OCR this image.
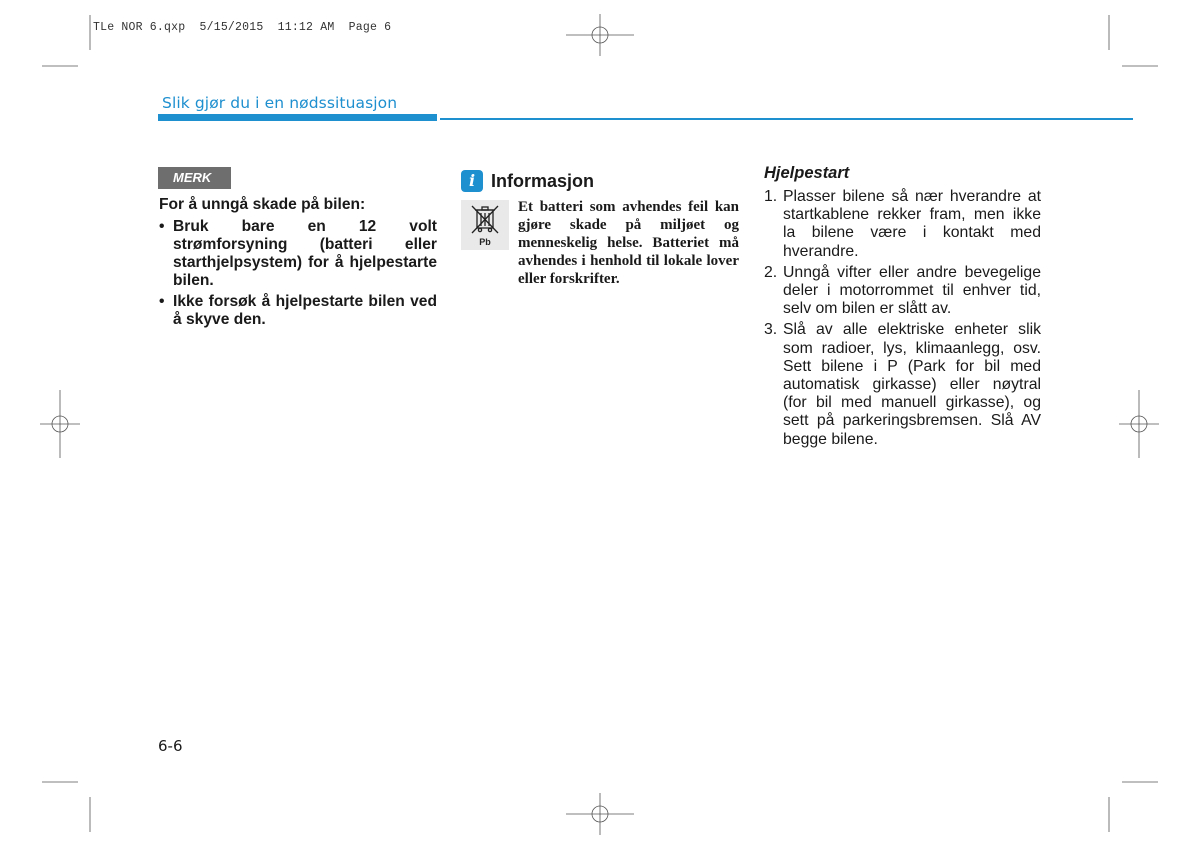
TLe NOR 6.qxp  5/15/2015  11:12 AM  Page 6
Slik gjør du i en nødssituasjon
MERK

For å unngå skade på bilen:

• Bruk bare en 12 volt strømforsyning (batteri eller starthjelpsystem) for å hjelpestarte bilen.
• Ikke forsøk å hjelpestarte bilen ved å skyve den.
i Informasjon
Pb

Et batteri som avhendes feil kan gjøre skade på miljøet og menneskelig helse. Batteriet må avhendes i henhold til lokale lover eller forskrifter.

Hjelpestart
1. Plasser bilene så nær hverandre at startkablene rekker fram, men ikke la bilene være i kontakt med hverandre.
2. Unngå vifter eller andre bevegelige deler i motorrommet til enhver tid, selv om bilen er slått av.
3. Slå av alle elektriske enheter slik som radioer, lys, klimaanlegg, osv. Sett bilene i P (Park for bil med automatisk girkasse) eller nøytral (for bil med manuell girkasse), og sett på parkeringsbremsen. Slå AV begge bilene.
6-6
